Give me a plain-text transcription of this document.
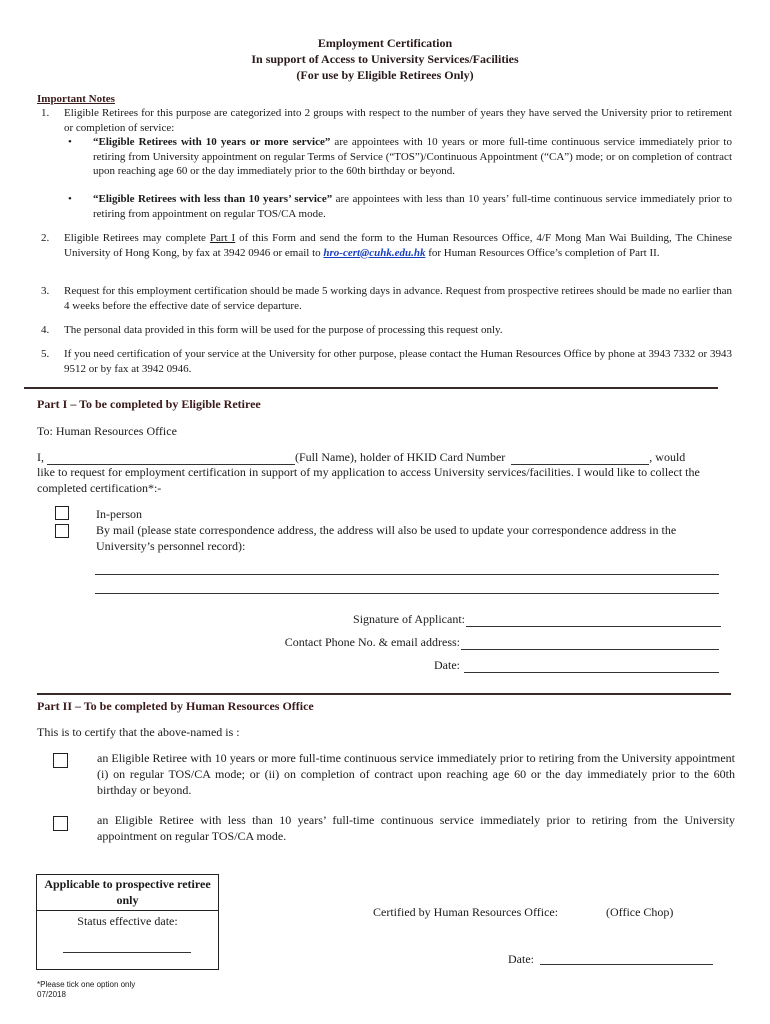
Employment Certification
In support of Access to University Services/Facilities
(For use by Eligible Retirees Only)
Important Notes
1.	Eligible Retirees for this purpose are categorized into 2 groups with respect to the number of years they have served the University prior to retirement or completion of service:
• “Eligible Retirees with 10 years or more service” are appointees with 10 years or more full-time continuous service immediately prior to retiring from University appointment on regular Terms of Service (“TOS”)/Continuous Appointment (“CA”) mode; or on completion of contract upon reaching age 60 or the day immediately prior to the 60th birthday or beyond.
• “Eligible Retirees with less than 10 years’ service” are appointees with less than 10 years’ full-time continuous service immediately prior to retiring from appointment on regular TOS/CA mode.
2.	Eligible Retirees may complete Part I of this Form and send the form to the Human Resources Office, 4/F Mong Man Wai Building, The Chinese University of Hong Kong, by fax at 3942 0946 or email to hro-cert@cuhk.edu.hk for Human Resources Office’s completion of Part II.
3.	Request for this employment certification should be made 5 working days in advance. Request from prospective retirees should be made no earlier than 4 weeks before the effective date of service departure.
4.	The personal data provided in this form will be used for the purpose of processing this request only.
5.	If you need certification of your service at the University for other purpose, please contact the Human Resources Office by phone at 3943 7332 or 3943 9512 or by fax at 3942 0946.
Part I – To be completed by Eligible Retiree
To: Human Resources Office
I,	(Full Name), holder of HKID Card Number	, would
like to request for employment certification in support of my application to access University services/facilities. I would like to collect the completed certification*:-
In-person
By mail (please state correspondence address, the address will also be used to update your correspondence address in the University’s personnel record):
Signature of Applicant:
Contact Phone No. & email address:
Date:
Part II – To be completed by Human Resources Office
This is to certify that the above-named is :
an Eligible Retiree with 10 years or more full-time continuous service immediately prior to retiring from the University appointment (i) on regular TOS/CA mode; or (ii) on completion of contract upon reaching age 60 or the day immediately prior to the 60th birthday or beyond.
an Eligible Retiree with less than 10 years’ full-time continuous service immediately prior to retiring from the University appointment on regular TOS/CA mode.
Applicable to prospective retiree only
Status effective date:
Certified by Human Resources Office:	(Office Chop)
Date:
*Please tick one option only
07/2018
